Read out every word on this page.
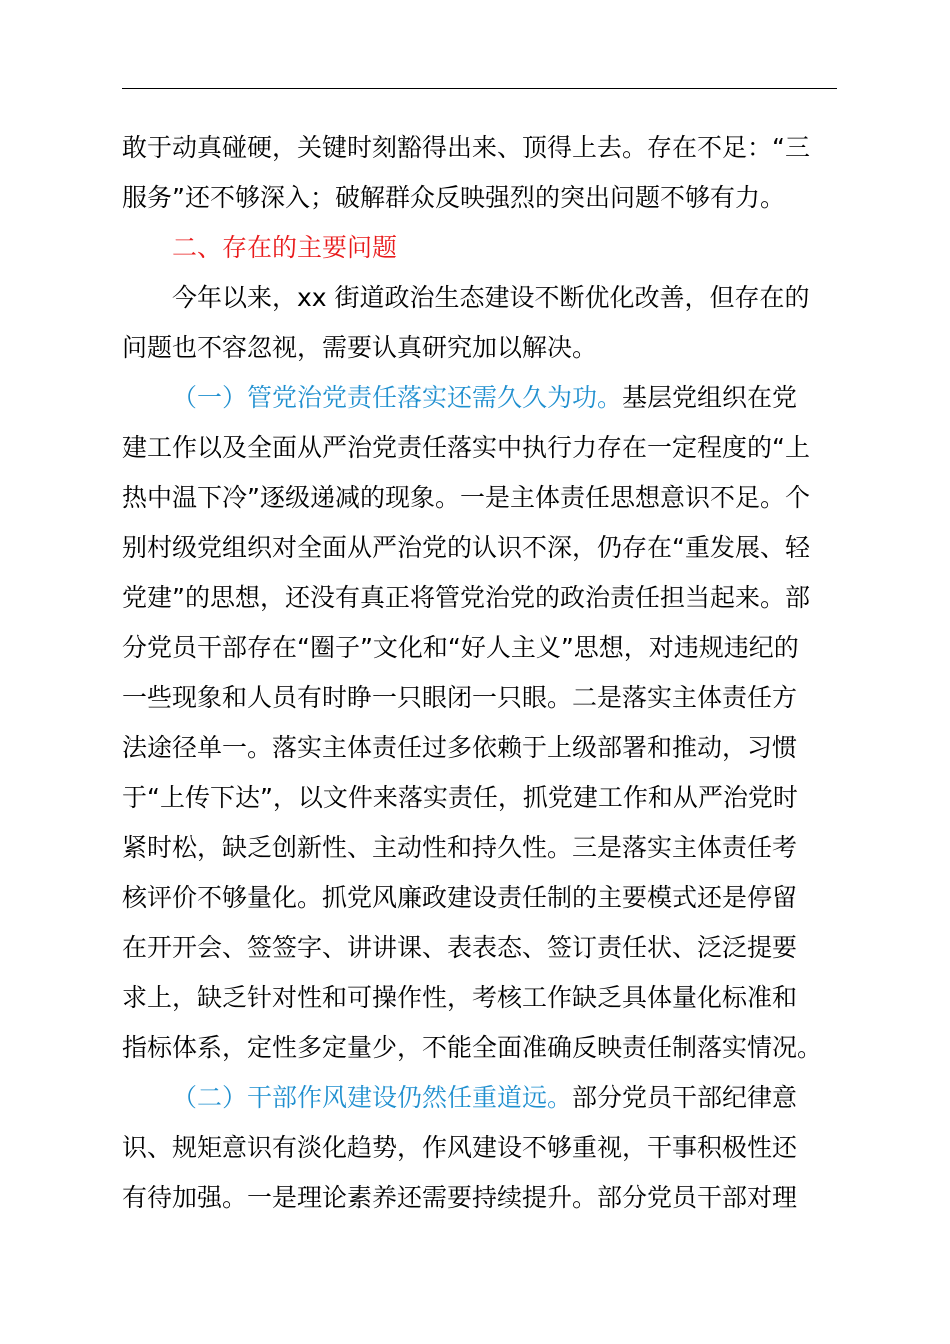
敢于动真碰硬，关键时刻豁得出来、顶得上去。存在不足：“三
服务”还不够深入；破解群众反映强烈的突出问题不够有力。
二、存在的主要问题
今年以来，xx 街道政治生态建设不断优化改善，但存在的
问题也不容忽视，需要认真研究加以解决。
（一）管党治党责任落实还需久久为功。基层党组织在党
建工作以及全面从严治党责任落实中执行力存在一定程度的“上
热中温下冷”逐级递减的现象。一是主体责任思想意识不足。个
别村级党组织对全面从严治党的认识不深，仍存在“重发展、轻
党建”的思想，还没有真正将管党治党的政治责任担当起来。部
分党员干部存在“圈子”文化和“好人主义”思想，对违规违纪的
一些现象和人员有时睁一只眼闭一只眼。二是落实主体责任方
法途径单一。落实主体责任过多依赖于上级部署和推动，习惯
于“上传下达”，以文件来落实责任，抓党建工作和从严治党时
紧时松，缺乏创新性、主动性和持久性。三是落实主体责任考
核评价不够量化。抓党风廉政建设责任制的主要模式还是停留
在开开会、签签字、讲讲课、表表态、签订责任状、泛泛提要
求上，缺乏针对性和可操作性，考核工作缺乏具体量化标准和
指标体系，定性多定量少，不能全面准确反映责任制落实情况。
（二）干部作风建设仍然任重道远。部分党员干部纪律意
识、规矩意识有淡化趋势，作风建设不够重视，干事积极性还
有待加强。一是理论素养还需要持续提升。部分党员干部对理
